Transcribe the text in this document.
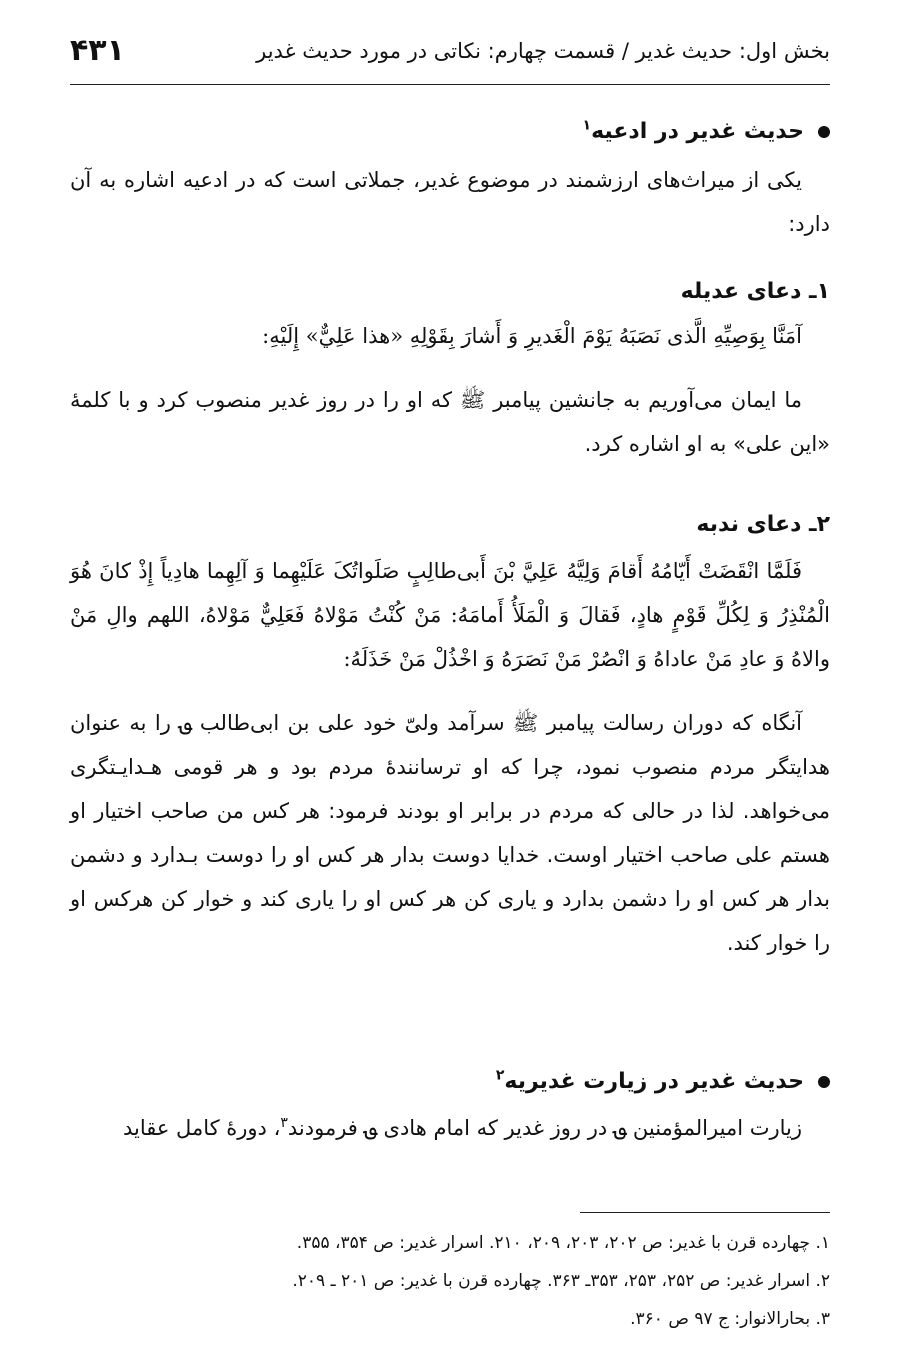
بخش اول: حدیث غدیر / قسمت چهارم: نکاتی در مورد حدیث غدیر
۴۳۱
حدیث غدیر در ادعیه$^۱$

یکی از میراث‌های ارزشمند در موضوع غدیر، جملاتی است که در ادعیه اشاره به آن دارد:

۱ـ دعای عدیله

آمَنَّا بِوَصِيِّهِ الَّذى نَصَبَهُ يَوْمَ الْغَديرِ وَ أَشارَ بِقَوْلِهِ «هذا عَلِيٌّ» إِلَيْهِ:

ما ایمان می‌آوریم به جانشین پیامبر ﷺ که او را در روز غدیر منصوب کرد و با کلمهٔ «این علی» به او اشاره کرد.

۲ـ دعای ندبه

فَلَمَّا انْقَضَتْ أَيّامُهُ أَقامَ وَلِيَّهُ عَلِيَّ بْنَ أَبى‌طالِبٍ صَلَواتُکَ عَلَيْهِما وَ آلِهِما هادِياً إِذْ كانَ هُوَ الْمُنْذِرُ وَ لِكُلِّ قَوْمٍ هادٍ، فَقالَ وَ الْمَلَأُ أَمامَهُ: مَنْ كُنْتُ مَوْلاهُ فَعَلِيٌّ مَوْلاهُ، اللهم والِ مَنْ والاهُ وَ عادِ مَنْ عاداهُ وَ انْصُرْ مَنْ نَصَرَهُ وَ اخْذُلْ مَنْ خَذَلَهُ:

آنگاه که دوران رسالت پیامبر ﷺ سرآمد ولیّ خود علی بن ابی‌طالب ؈ را به عنوان هدایتگر مردم منصوب نمود، چرا که او ترسانندهٔ مردم بود و هر قومی هـدایـتگری می‌خواهد. لذا در حالی که مردم در برابر او بودند فرمود: هر کس من صاحب اختیار او هستم علی صاحب اختیار اوست. خدایا دوست بدار هر کس او را دوست بـدارد و دشمن بدار هر کس او را دشمن بدارد و یاری کن هر کس او را یاری کند و خوار کن هرکس او را خوار کند.

حدیث غدیر در زیارت غدیریه$^۲$

زیارت امیرالمؤمنین ؈ در روز غدیر که امام هادی ؈ فرمودند$^۳$، دورهٔ کامل عقاید

۱. چهارده قرن با غدیر: ص ۲۰۲، ۲۰۳، ۲۰۹، ۲۱۰. اسرار غدیر: ص ۳۵۴، ۳۵۵.

۲. اسرار غدیر: ص ۲۵۲، ۲۵۳، ۳۵۳ـ ۳۶۳. چهارده قرن با غدیر: ص ۲۰۱ ـ ۲۰۹.

۳. بحارالانوار: ج ۹۷ ص ۳۶۰.
